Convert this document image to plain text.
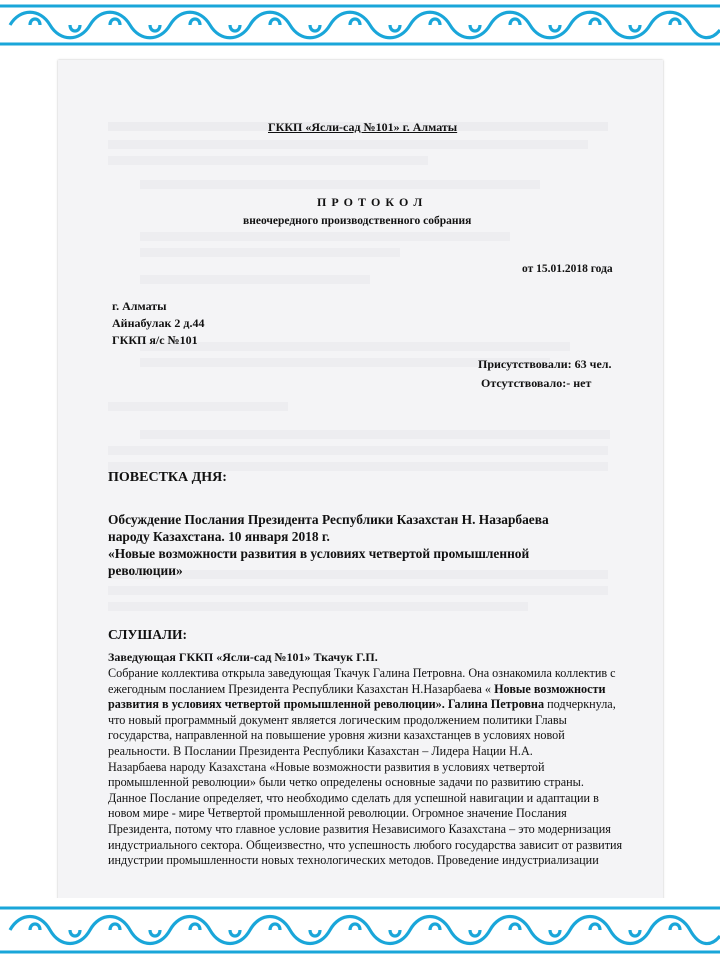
ГККП «Ясли-сад №101» г. Алматы
П Р О Т О К О Л
внеочередного производственного собрания
от 15.01.2018 года
г. Алматы
Айнабулак 2 д.44
ГККП я/с №101
Присутствовали: 63 чел.
Отсутствовало:- нет
ПОВЕСТКА ДНЯ:
Обсуждение Послания Президента Республики Казахстан Н. Назарбаева
народу Казахстана. 10 января 2018 г.
«Новые возможности развития в условиях четвертой промышленной
революции»
СЛУШАЛИ:
Заведующая ГККП «Ясли-сад №101» Ткачук Г.П.
Собрание коллектива открыла заведующая Ткачук Галина Петровна. Она ознакомила коллектив с
ежегодным посланием Президента Республики Казахстан Н.Назарбаева « Новые возможности
развития в условиях четвертой промышленной революции». Галина Петровна подчеркнула,
что новый программный документ является логическим продолжением политики Главы
государства, направленной на повышение уровня жизни казахстанцев в условиях новой
реальности. В Послании Президента Республики Казахстан – Лидера Нации Н.А.
Назарбаева народу Казахстана «Новые возможности развития в условиях четвертой
промышленной революции» были четко определены основные задачи по развитию страны.
Данное Послание определяет, что необходимо сделать для успешной навигации и адаптации в
новом мире - мире Четвертой промышленной революции. Огромное значение Послания
Президента, потому что главное условие развития Независимого Казахстана – это модернизация
индустриального сектора. Общеизвестно, что успешность любого государства зависит от развития
индустрии промышленности новых технологических методов. Проведение индустриализации
